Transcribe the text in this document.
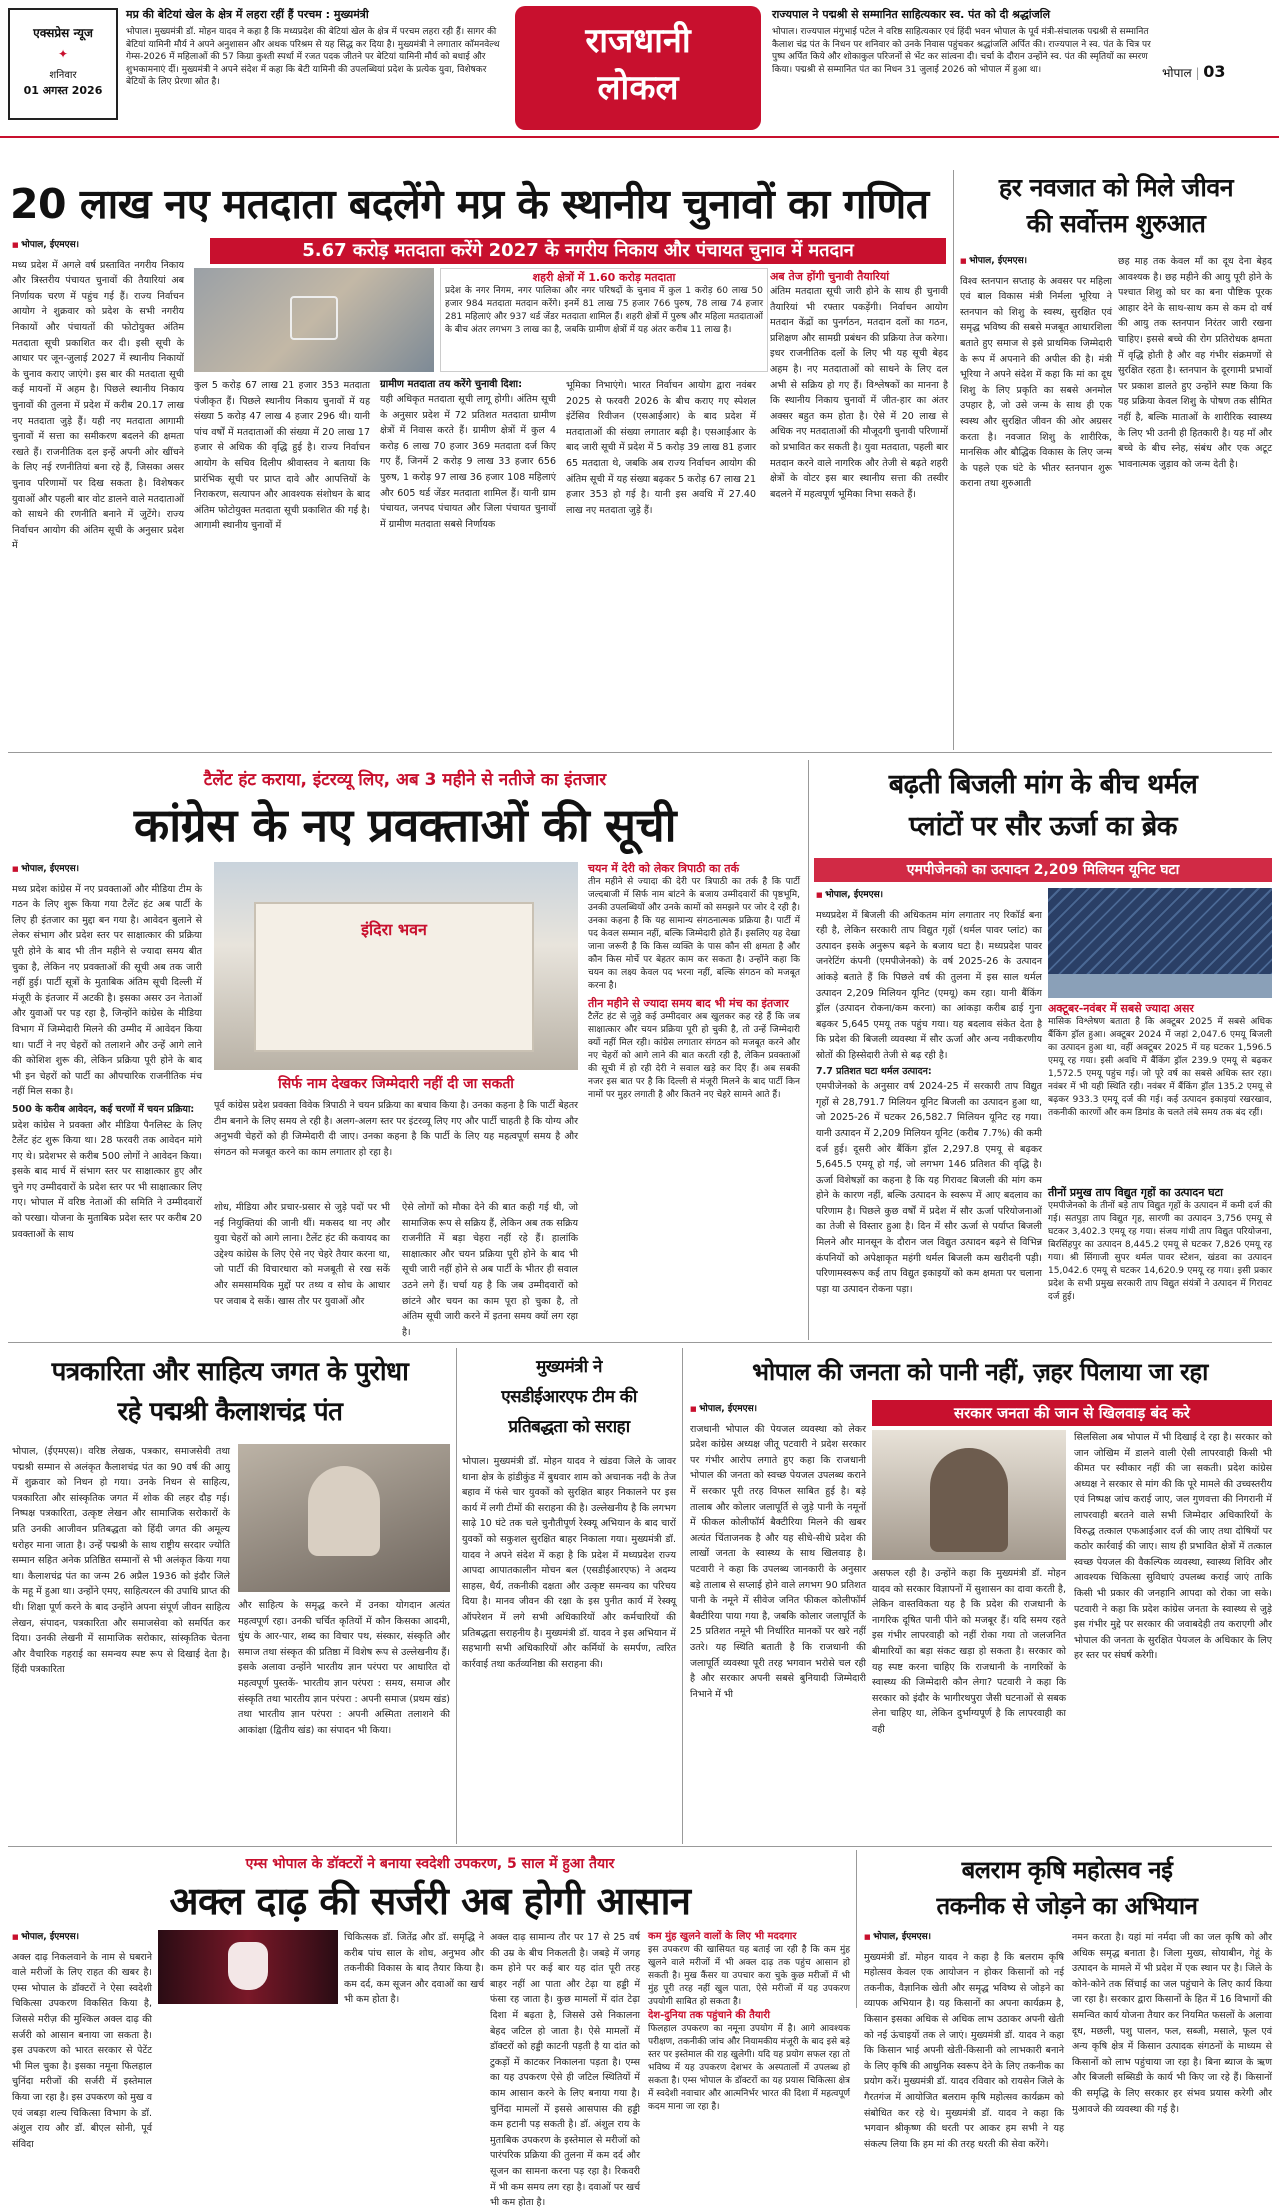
एक्सप्रेस न्यूज
✦
शनिवार
01 अगस्त 2026
मप्र की बेटियां खेल के क्षेत्र में लहरा रहीं हैं परचम : मुख्यमंत्री
भोपाल। मुख्यमंत्री डॉ. मोहन यादव ने कहा है कि मध्यप्रदेश की बेटियां खेल के क्षेत्र में परचम लहरा रही हैं। सागर की बेटियां यामिनी मौर्य ने अपने अनुशासन और अथक परिश्रम से यह सिद्ध कर दिया है। मुख्यमंत्री ने लगातार कॉमनवेल्थ गेम्स-2026 में महिलाओं की 57 किग्रा कुश्ती स्पर्धा में रजत पदक जीतने पर बेटियां यामिनी मौर्य को बधाई और शुभकामनाएं दीं। मुख्यमंत्री ने अपने संदेश में कहा कि बेटी यामिनी की उपलब्धियां प्रदेश के प्रत्येक युवा, विशेषकर बेटियों के लिए प्रेरणा स्रोत है।
राजधानी
लोकल
राज्यपाल ने पद्मश्री से सम्मानित साहित्यकार स्व. पंत को दी श्रद्धांजलि
भोपाल। राज्यपाल मंगुभाई पटेल ने वरिष्ठ साहित्यकार एवं हिंदी भवन भोपाल के पूर्व मंत्री-संचालक पद्मश्री से सम्मानित कैलाश चंद्र पंत के निधन पर शनिवार को उनके निवास पहुंचकर श्रद्धांजलि अर्पित की। राज्यपाल ने स्व. पंत के चित्र पर पुष्प अर्पित किये और शोकाकुल परिजनों से भेंट कर सांत्वना दी। चर्चा के दौरान उन्होंने स्व. पंत की स्मृतियों का स्मरण किया। पद्मश्री से सम्मानित पंत का निधन 31 जुलाई 2026 को भोपाल में हुआ था।	भोपाल | 03
20 लाख नए मतदाता बदलेंगे मप्र के स्थानीय चुनावों का गणित
5.67 करोड़ मतदाता करेंगे 2027 के नगरीय निकाय और पंचायत चुनाव में मतदान
■ भोपाल, ईएमएस।
मध्य प्रदेश में अगले वर्ष प्रस्तावित नगरीय निकाय और त्रिस्तरीय पंचायत चुनावों की तैयारियां अब निर्णायक चरण में पहुंच गई हैं। राज्य निर्वाचन आयोग ने शुक्रवार को प्रदेश के सभी नगरीय निकायों और पंचायतों की फोटोयुक्त अंतिम मतदाता सूची प्रकाशित कर दी। इसी सूची के आधार पर जून-जुलाई 2027 में स्थानीय निकायों के चुनाव कराए जाएंगे। इस बार की मतदाता सूची कई मायनों में अहम है। पिछले स्थानीय निकाय चुनावों की तुलना में प्रदेश में करीब 20.17 लाख नए मतदाता जुड़े हैं। यही नए मतदाता आगामी चुनावों में सत्ता का समीकरण बदलने की क्षमता रखते हैं। राजनीतिक दल इन्हें अपनी ओर खींचने के लिए नई रणनीतियां बना रहे हैं, जिसका असर चुनाव परिणामों पर दिख सकता है। विशेषकर युवाओं और पहली बार वोट डालने वाले मतदाताओं को साधने की रणनीति बनाने में जुटेंगे। राज्य निर्वाचन आयोग की अंतिम सूची के अनुसार प्रदेश में
शहरी क्षेत्रों में 1.60 करोड़ मतदाता
प्रदेश के नगर निगम, नगर पालिका और नगर परिषदों के चुनाव में कुल 1 करोड़ 60 लाख 50 हजार 984 मतदाता मतदान करेंगे। इनमें 81 लाख 75 हजार 766 पुरुष, 78 लाख 74 हजार 281 महिलाएं और 937 थर्ड जेंडर मतदाता शामिल हैं। शहरी क्षेत्रों में पुरुष और महिला मतदाताओं के बीच अंतर लगभग 3 लाख का है, जबकि ग्रामीण क्षेत्रों में यह अंतर करीब 11 लाख है।
कुल 5 करोड़ 67 लाख 21 हजार 353 मतदाता पंजीकृत हैं। पिछले स्थानीय निकाय चुनावों में यह संख्या 5 करोड़ 47 लाख 4 हजार 296 थी। यानी पांच वर्षों में मतदाताओं की संख्या में 20 लाख 17 हजार से अधिक की वृद्धि हुई है। राज्य निर्वाचन आयोग के सचिव दिलीप श्रीवास्तव ने बताया कि प्रारंभिक सूची पर प्राप्त दावे और आपत्तियों के निराकरण, सत्यापन और आवश्यक संशोधन के बाद अंतिम फोटोयुक्त मतदाता सूची प्रकाशित की गई है। आगामी स्थानीय चुनावों में
ग्रामीण मतदाता तय करेंगे चुनावी दिशा:
यही अधिकृत मतदाता सूची लागू होगी। अंतिम सूची के अनुसार प्रदेश में 72 प्रतिशत मतदाता ग्रामीण क्षेत्रों में निवास करते हैं। ग्रामीण क्षेत्रों में कुल 4 करोड़ 6 लाख 70 हजार 369 मतदाता दर्ज किए गए हैं, जिनमें 2 करोड़ 9 लाख 33 हजार 656 पुरुष, 1 करोड़ 97 लाख 36 हजार 108 महिलाएं और 605 थर्ड जेंडर मतदाता शामिल हैं। यानी ग्राम पंचायत, जनपद पंचायत और जिला पंचायत चुनावों में ग्रामीण मतदाता सबसे निर्णायक
भूमिका निभाएंगे। भारत निर्वाचन आयोग द्वारा नवंबर 2025 से फरवरी 2026 के बीच कराए गए स्पेशल इंटेंसिव रिवीजन (एसआईआर) के बाद प्रदेश में मतदाताओं की संख्या लगातार बढ़ी है। एसआईआर के बाद जारी सूची में प्रदेश में 5 करोड़ 39 लाख 81 हजार 65 मतदाता थे, जबकि अब राज्य निर्वाचन आयोग की अंतिम सूची में यह संख्या बढ़कर 5 करोड़ 67 लाख 21 हजार 353 हो गई है। यानी इस अवधि में 27.40 लाख नए मतदाता जुड़े हैं।
अब तेज होंगी चुनावी तैयारियां
अंतिम मतदाता सूची जारी होने के साथ ही चुनावी तैयारियां भी रफ्तार पकड़ेंगी। निर्वाचन आयोग मतदान केंद्रों का पुनर्गठन, मतदान दलों का गठन, प्रशिक्षण और सामग्री प्रबंधन की प्रक्रिया तेज करेगा। इधर राजनीतिक दलों के लिए भी यह सूची बेहद अहम है। नए मतदाताओं को साधने के लिए दल अभी से सक्रिय हो गए हैं। विश्लेषकों का मानना है कि स्थानीय निकाय चुनावों में जीत-हार का अंतर अक्सर बहुत कम होता है। ऐसे में 20 लाख से अधिक नए मतदाताओं की मौजूदगी चुनावी परिणामों को प्रभावित कर सकती है। युवा मतदाता, पहली बार मतदान करने वाले नागरिक और तेजी से बढ़ते शहरी क्षेत्रों के वोटर इस बार स्थानीय सत्ता की तस्वीर बदलने में महत्वपूर्ण भूमिका निभा सकते हैं।
हर नवजात को मिले जीवन
की सर्वोत्तम शुरुआत
■ भोपाल, ईएमएस।
विश्व स्तनपान सप्ताह के अवसर पर महिला एवं बाल विकास मंत्री निर्मला भूरिया ने स्तनपान को शिशु के स्वस्थ, सुरक्षित एवं समृद्ध भविष्य की सबसे मजबूत आधारशिला बताते हुए समाज से इसे प्राथमिक जिम्मेदारी के रूप में अपनाने की अपील की है। मंत्री भूरिया ने अपने संदेश में कहा कि मां का दूध शिशु के लिए प्रकृति का सबसे अनमोल उपहार है, जो उसे जन्म के साथ ही एक स्वस्थ और सुरक्षित जीवन की ओर अग्रसर करता है। नवजात शिशु के शारीरिक, मानसिक और बौद्धिक विकास के लिए जन्म के पहले एक घंटे के भीतर स्तनपान शुरू कराना तथा शुरुआती
छह माह तक केवल माँ का दूध देना बेहद आवश्यक है। छह महीने की आयु पूरी होने के पश्चात शिशु को घर का बना पौष्टिक पूरक आहार देने के साथ-साथ कम से कम दो वर्ष की आयु तक स्तनपान निरंतर जारी रखना चाहिए। इससे बच्चे की रोग प्रतिरोधक क्षमता में वृद्धि होती है और वह गंभीर संक्रमणों से सुरक्षित रहता है। स्तनपान के दूरगामी प्रभावों पर प्रकाश डालते हुए उन्होंने स्पष्ट किया कि यह प्रक्रिया केवल शिशु के पोषण तक सीमित नहीं है, बल्कि माताओं के शारीरिक स्वास्थ्य के लिए भी उतनी ही हितकारी है। यह माँ और बच्चे के बीच स्नेह, संबंध और एक अटूट भावनात्मक जुड़ाव को जन्म देती है।
टैलेंट हंट कराया, इंटरव्यू लिए, अब 3 महीने से नतीजे का इंतजार
कांग्रेस के नए प्रवक्ताओं की सूची
■ भोपाल, ईएमएस।
मध्य प्रदेश कांग्रेस में नए प्रवक्ताओं और मीडिया टीम के गठन के लिए शुरू किया गया टैलेंट हंट अब पार्टी के लिए ही इंतजार का मुद्दा बन गया है। आवेदन बुलाने से लेकर संभाग और प्रदेश स्तर पर साक्षात्कार की प्रक्रिया पूरी होने के बाद भी तीन महीने से ज्यादा समय बीत चुका है, लेकिन नए प्रवक्ताओं की सूची अब तक जारी नहीं हुई। पार्टी सूत्रों के मुताबिक अंतिम सूची दिल्ली में मंजूरी के इंतजार में अटकी है। इसका असर उन नेताओं और युवाओं पर पड़ रहा है, जिन्होंने कांग्रेस के मीडिया विभाग में जिम्मेदारी मिलने की उम्मीद में आवेदन किया था। पार्टी ने नए चेहरों को तलाशने और उन्हें आगे लाने की कोशिश शुरू की, लेकिन प्रक्रिया पूरी होने के बाद भी इन चेहरों को पार्टी का औपचारिक राजनीतिक मंच नहीं मिल सका है।
500 के करीब आवेदन, कई चरणों में चयन प्रक्रिया:
प्रदेश कांग्रेस ने प्रवक्ता और मीडिया पैनलिस्ट के लिए टैलेंट हंट शुरू किया था। 28 फरवरी तक आवेदन मांगे गए थे। प्रदेशभर से करीब 500 लोगों ने आवेदन किया। इसके बाद मार्च में संभाग स्तर पर साक्षात्कार हुए और चुने गए उम्मीदवारों के प्रदेश स्तर पर भी साक्षात्कार लिए गए। भोपाल में वरिष्ठ नेताओं की समिति ने उम्मीदवारों को परखा। योजना के मुताबिक प्रदेश स्तर पर करीब 20 प्रवक्ताओं के साथ
इंदिरा भवन
सिर्फ नाम देखकर जिम्मेदारी नहीं दी जा सकती
पूर्व कांग्रेस प्रदेश प्रवक्ता विवेक त्रिपाठी ने चयन प्रक्रिया का बचाव किया है। उनका कहना है कि पार्टी बेहतर टीम बनाने के लिए समय ले रही है। अलग-अलग स्तर पर इंटरव्यू लिए गए और पार्टी चाहती है कि योग्य और अनुभवी चेहरों को ही जिम्मेदारी दी जाए। उनका कहना है कि पार्टी के लिए यह महत्वपूर्ण समय है और संगठन को मजबूत करने का काम लगातार हो रहा है।
शोध, मीडिया और प्रचार-प्रसार से जुड़े पदों पर भी नई नियुक्तियां की जानी थीं। मकसद था नए और युवा चेहरों को आगे लाना। टैलेंट हंट की कवायद का उद्देश्य कांग्रेस के लिए ऐसे नए चेहरे तैयार करना था, जो पार्टी की विचारधारा को मजबूती से रख सकें और समसामयिक मुद्दों पर तथ्य व सोच के आधार पर जवाब दे सकें। खास तौर पर युवाओं और
ऐसे लोगों को मौका देने की बात कही गई थी, जो सामाजिक रूप से सक्रिय हैं, लेकिन अब तक सक्रिय राजनीति में बड़ा चेहरा नहीं रहे हैं। हालांकि साक्षात्कार और चयन प्रक्रिया पूरी होने के बाद भी सूची जारी नहीं होने से अब पार्टी के भीतर ही सवाल उठने लगे हैं। चर्चा यह है कि जब उम्मीदवारों को छांटने और चयन का काम पूरा हो चुका है, तो अंतिम सूची जारी करने में इतना समय क्यों लग रहा है।
चयन में देरी को लेकर त्रिपाठी का तर्क
तीन महीने से ज्यादा की देरी पर त्रिपाठी का तर्क है कि पार्टी जल्दबाजी में सिर्फ नाम बांटने के बजाय उम्मीदवारों की पृष्ठभूमि, उनकी उपलब्धियों और उनके कामों को समझने पर जोर दे रही है। उनका कहना है कि यह सामान्य संगठनात्मक प्रक्रिया है। पार्टी में पद केवल सम्मान नहीं, बल्कि जिम्मेदारी होते हैं। इसलिए यह देखा जाना जरूरी है कि किस व्यक्ति के पास कौन सी क्षमता है और कौन किस मोर्चे पर बेहतर काम कर सकता है। उन्होंने कहा कि चयन का लक्ष्य केवल पद भरना नहीं, बल्कि संगठन को मजबूत करना है।
तीन महीने से ज्यादा समय बाद भी मंच का इंतजार
टैलेंट हंट से जुड़े कई उम्मीदवार अब खुलकर कह रहे हैं कि जब साक्षात्कार और चयन प्रक्रिया पूरी हो चुकी है, तो उन्हें जिम्मेदारी क्यों नहीं मिल रही। कांग्रेस लगातार संगठन को मजबूत करने और नए चेहरों को आगे लाने की बात करती रही है, लेकिन प्रवक्ताओं की सूची में हो रही देरी ने सवाल खड़े कर दिए हैं। अब सबकी नजर इस बात पर है कि दिल्ली से मंजूरी मिलने के बाद पार्टी किन नामों पर मुहर लगाती है और कितने नए चेहरे सामने आते हैं।
बढ़ती बिजली मांग के बीच थर्मल
प्लांटों पर सौर ऊर्जा का ब्रेक
एमपीजेनको का उत्पादन 2,209 मिलियन यूनिट घटा
■ भोपाल, ईएमएस।
मध्यप्रदेश में बिजली की अधिकतम मांग लगातार नए रिकॉर्ड बना रही है, लेकिन सरकारी ताप विद्युत गृहों (थर्मल पावर प्लांट) का उत्पादन इसके अनुरूप बढ़ने के बजाय घटा है। मध्यप्रदेश पावर जनरेटिंग कंपनी (एमपीजेनको) के वर्ष 2025-26 के उत्पादन आंकड़े बताते हैं कि पिछले वर्ष की तुलना में इस साल थर्मल उत्पादन 2,209 मिलियन यूनिट (एमयू) कम रहा। यानी बैंकिंग ड्रॉल (उत्पादन रोकना/कम करना) का आंकड़ा करीब ढाई गुना बढ़कर 5,645 एमयू तक पहुंच गया। यह बदलाव संकेत देता है कि प्रदेश की बिजली व्यवस्था में सौर ऊर्जा और अन्य नवीकरणीय स्रोतों की हिस्सेदारी तेजी से बढ़ रही है।
7.7 प्रतिशत घटा थर्मल उत्पादन:
एमपीजेनको के अनुसार वर्ष 2024-25 में सरकारी ताप विद्युत गृहों से 28,791.7 मिलियन यूनिट बिजली का उत्पादन हुआ था, जो 2025-26 में घटकर 26,582.7 मिलियन यूनिट रह गया। यानी उत्पादन में 2,209 मिलियन यूनिट (करीब 7.7%) की कमी दर्ज हुई। दूसरी ओर बैंकिंग ड्रॉल 2,297.8 एमयू से बढ़कर 5,645.5 एमयू हो गई, जो लगभग 146 प्रतिशत की वृद्धि है। ऊर्जा विशेषज्ञों का कहना है कि यह गिरावट बिजली की मांग कम होने के कारण नहीं, बल्कि उत्पादन के स्वरूप में आए बदलाव का परिणाम है। पिछले कुछ वर्षों में प्रदेश में सौर ऊर्जा परियोजनाओं का तेजी से विस्तार हुआ है। दिन में सौर ऊर्जा से पर्याप्त बिजली मिलने और मानसून के दौरान जल विद्युत उत्पादन बढ़ने से विभिन्न कंपनियों को अपेक्षाकृत महंगी थर्मल बिजली कम खरीदनी पड़ी। परिणामस्वरूप कई ताप विद्युत इकाइयों को कम क्षमता पर चलाना पड़ा या उत्पादन रोकना पड़ा।
अक्टूबर-नवंबर में सबसे ज्यादा असर
मासिक विश्लेषण बताता है कि अक्टूबर 2025 में सबसे अधिक बैंकिंग ड्रॉल हुआ। अक्टूबर 2024 में जहां 2,047.6 एमयू बिजली का उत्पादन हुआ था, वहीं अक्टूबर 2025 में यह घटकर 1,596.5 एमयू रह गया। इसी अवधि में बैंकिंग ड्रॉल 239.9 एमयू से बढ़कर 1,572.5 एमयू पहुंच गई। जो पूरे वर्ष का सबसे अधिक स्तर रहा। नवंबर में भी यही स्थिति रही। नवंबर में बैंकिंग ड्रॉल 135.2 एमयू से बढ़कर 933.3 एमयू दर्ज की गई। कई उत्पादन इकाइयां रखरखाव, तकनीकी कारणों और कम डिमांड के चलते लंबे समय तक बंद रहीं।
तीनों प्रमुख ताप विद्युत गृहों का उत्पादन घटा
एमपीजेनको के तीनों बड़े ताप विद्युत गृहों के उत्पादन में कमी दर्ज की गई। सतपुड़ा ताप विद्युत गृह, सारणी का उत्पादन 3,756 एमयू से घटकर 3,402.3 एमयू रह गया। संजय गांधी ताप विद्युत परियोजना, बिरसिंहपुर का उत्पादन 8,445.2 एमयू से घटकर 7,826 एमयू रह गया। श्री सिंगाजी सुपर थर्मल पावर स्टेशन, खंडवा का उत्पादन 15,042.6 एमयू से घटकर 14,620.9 एमयू रह गया। इसी प्रकार प्रदेश के सभी प्रमुख सरकारी ताप विद्युत संयंत्रों ने उत्पादन में गिरावट दर्ज हुई।
पत्रकारिता और साहित्य जगत के पुरोधा
रहे पद्मश्री कैलाशचंद्र पंत
भोपाल, (ईएमएस)। वरिष्ठ लेखक, पत्रकार, समाजसेवी तथा पद्मश्री सम्मान से अलंकृत कैलाशचंद्र पंत का 90 वर्ष की आयु में शुक्रवार को निधन हो गया। उनके निधन से साहित्य, पत्रकारिता और सांस्कृतिक जगत में शोक की लहर दौड़ गई। निष्पक्ष पत्रकारिता, उत्कृष्ट लेखन और सामाजिक सरोकारों के प्रति उनकी आजीवन प्रतिबद्धता को हिंदी जगत की अमूल्य धरोहर माना जाता है। उन्हें पद्मश्री के साथ राष्ट्रीय सरदार ज्योति सम्मान सहित अनेक प्रतिष्ठित सम्मानों से भी अलंकृत किया गया था। कैलाशचंद्र पंत का जन्म 26 अप्रैल 1936 को इंदौर जिले के महू में हुआ था। उन्होंने एमए, साहित्यरत्न की उपाधि प्राप्त की थी। शिक्षा पूर्ण करने के बाद उन्होंने अपना संपूर्ण जीवन साहित्य लेखन, संपादन, पत्रकारिता और समाजसेवा को समर्पित कर दिया। उनकी लेखनी में सामाजिक सरोकार, सांस्कृतिक चेतना और वैचारिक गहराई का समन्वय स्पष्ट रूप से दिखाई देता है। हिंदी पत्रकारिता
और साहित्य के समृद्ध करने में उनका योगदान अत्यंत महत्वपूर्ण रहा। उनकी चर्चित कृतियों में कौन किसका आदमी, धुंध के आर-पार, शब्द का विचार पथ, संस्कार, संस्कृति और समाज तथा संस्कृत की प्रतिष्ठा में विशेष रूप से उल्लेखनीय हैं। इसके अलावा उन्होंने भारतीय ज्ञान परंपरा पर आधारित दो महत्वपूर्ण पुस्तकें- भारतीय ज्ञान परंपरा : समय, समाज और संस्कृति तथा भारतीय ज्ञान परंपरा : अपनी समाज (प्रथम खंड) तथा भारतीय ज्ञान परंपरा : अपनी अस्मिता तलाशने की आकांक्षा (द्वितीय खंड) का संपादन भी किया।
मुख्यमंत्री ने
एसडीईआरएफ टीम की
प्रतिबद्धता को सराहा
भोपाल। मुख्यमंत्री डॉ. मोहन यादव ने खंडवा जिले के जावर थाना क्षेत्र के हांडीकुंड में बुधवार शाम को अचानक नदी के तेज बहाव में फंसे चार युवकों को सुरक्षित बाहर निकालने पर इस कार्य में लगी टीमों की सराहना की है। उल्लेखनीय है कि लगभग साढ़े 10 घंटे तक चले चुनौतीपूर्ण रेस्क्यू अभियान के बाद चारों युवकों को सकुशल सुरक्षित बाहर निकाला गया। मुख्यमंत्री डॉ. यादव ने अपने संदेश में कहा है कि प्रदेश में मध्यप्रदेश राज्य आपदा आपातकालीन मोचन बल (एसडीईआरएफ) ने अदम्य साहस, धैर्य, तकनीकी दक्षता और उत्कृष्ट समन्वय का परिचय दिया है। मानव जीवन की रक्षा के इस पुनीत कार्य में रेस्क्यू ऑपरेशन में लगे सभी अधिकारियों और कर्मचारियों की प्रतिबद्धता सराहनीय है। मुख्यमंत्री डॉ. यादव ने इस अभियान में सहभागी सभी अधिकारियों और कर्मियों के समर्पण, त्वरित कार्रवाई तथा कर्तव्यनिष्ठा की सराहना की।
भोपाल की जनता को पानी नहीं, ज़हर पिलाया जा रहा
■ भोपाल, ईएमएस।
राजधानी भोपाल की पेयजल व्यवस्था को लेकर प्रदेश कांग्रेस अध्यक्ष जीतू पटवारी ने प्रदेश सरकार पर गंभीर आरोप लगाते हुए कहा कि राजधानी भोपाल की जनता को स्वच्छ पेयजल उपलब्ध कराने में सरकार पूरी तरह विफल साबित हुई है। बड़े तालाब और कोलार जलापूर्ति से जुड़े पानी के नमूनों में फीकल कोलीफॉर्म बैक्टीरिया मिलने की खबर अत्यंत चिंताजनक है और यह सीधे-सीधे प्रदेश की लाखों जनता के स्वास्थ्य के साथ खिलवाड़ है। पटवारी ने कहा कि उपलब्ध जानकारी के अनुसार बड़े तालाब से सप्लाई होने वाले लगभग 90 प्रतिशत पानी के नमूने में सीवेज जनित फीकल कोलीफॉर्म बैक्टीरिया पाया गया है, जबकि कोलार जलापूर्ति के 25 प्रतिशत नमूने भी निर्धारित मानकों पर खरे नहीं उतरे। यह स्थिति बताती है कि राजधानी की जलापूर्ति व्यवस्था पूरी तरह भगवान भरोसे चल रही है और सरकार अपनी सबसे बुनियादी जिम्मेदारी निभाने में भी
सरकार जनता की जान से खिलवाड़ बंद करे
असफल रही है। उन्होंने कहा कि मुख्यमंत्री डॉ. मोहन यादव को सरकार विज्ञापनों में सुशासन का दावा करती है, लेकिन वास्तविकता यह है कि प्रदेश की राजधानी के नागरिक दूषित पानी पीने को मजबूर हैं। यदि समय रहते इस गंभीर लापरवाही को नहीं रोका गया तो जलजनित बीमारियों का बड़ा संकट खड़ा हो सकता है। सरकार को यह स्पष्ट करना चाहिए कि राजधानी के नागरिकों के स्वास्थ्य की जिम्मेदारी कौन लेगा? पटवारी ने कहा कि सरकार को इंदौर के भागीरथपुरा जैसी घटनाओं से सबक लेना चाहिए था, लेकिन दुर्भाग्यपूर्ण है कि लापरवाही का वही
सिलसिला अब भोपाल में भी दिखाई दे रहा है। सरकार को जान जोखिम में डालने वाली ऐसी लापरवाही किसी भी कीमत पर स्वीकार नहीं की जा सकती। प्रदेश कांग्रेस अध्यक्ष ने सरकार से मांग की कि पूरे मामले की उच्चस्तरीय एवं निष्पक्ष जांच कराई जाए, जल गुणवत्ता की निगरानी में लापरवाही बरतने वाले सभी जिम्मेदार अधिकारियों के विरुद्ध तत्काल एफआईआर दर्ज की जाए तथा दोषियों पर कठोर कार्रवाई की जाए। साथ ही प्रभावित क्षेत्रों में तत्काल स्वच्छ पेयजल की वैकल्पिक व्यवस्था, स्वास्थ्य शिविर और आवश्यक चिकित्सा सुविधाएं उपलब्ध कराई जाएं ताकि किसी भी प्रकार की जनहानि आपदा को रोका जा सके। पटवारी ने कहा कि प्रदेश कांग्रेस जनता के स्वास्थ्य से जुड़े इस गंभीर मुद्दे पर सरकार की जवाबदेही तय कराएगी और भोपाल की जनता के सुरक्षित पेयजल के अधिकार के लिए हर स्तर पर संघर्ष करेगी।
एम्स भोपाल के डॉक्टरों ने बनाया स्वदेशी उपकरण, 5 साल में हुआ तैयार
अक्ल दाढ़ की सर्जरी अब होगी आसान
■ भोपाल, ईएमएस।
अक्ल दाढ़ निकलवाने के नाम से घबराने वाले मरीजों के लिए राहत की खबर है। एम्स भोपाल के डॉक्टरों ने ऐसा स्वदेशी चिकित्सा उपकरण विकसित किया है, जिससे मरीज़ की मुश्किल अक्ल दाढ़ की सर्जरी को आसान बनाया जा सकता है। इस उपकरण को भारत सरकार से पेटेंट भी मिल चुका है। इसका नमूना फिलहाल चुनिंदा मरीजों की सर्जरी में इस्तेमाल किया जा रहा है। इस उपकरण को मुख व एवं जबड़ा शल्य चिकित्सा विभाग के डॉ. अंशुल राय और डॉ. बीएल सोनी, पूर्व संविदा
चिकित्सक डॉ. जितेंद्र और डॉ. समृद्धि ने करीब पांच साल के शोध, अनुभव और तकनीकी विकास के बाद तैयार किया है। कम दर्द, कम सूजन और दवाओं का खर्च भी कम होता है।
अक्ल दाढ़ सामान्य तौर पर 17 से 25 वर्ष की उम्र के बीच निकलती है। जबड़े में जगह कम होने पर कई बार यह दांत पूरी तरह बाहर नहीं आ पाता और टेढ़ा या हड्डी में फंसा रह जाता है। कुछ मामलों में दांत टेढ़ा दिशा में बढ़ता है, जिससे उसे निकालना बेहद जटिल हो जाता है। ऐसे मामलों में डॉक्टरों को हड्डी काटनी पड़ती है या दांत को टुकड़ों में काटकर निकालना पड़ता है। एम्स का यह उपकरण ऐसे ही जटिल स्थितियों में काम आसान करने के लिए बनाया गया है। चुनिंदा मामलों में इससे आसपास की हड्डी कम हटानी पड़ सकती है। डॉ. अंशुल राय के मुताबिक उपकरण के इस्तेमाल से मरीजों को पारंपरिक प्रक्रिया की तुलना में कम दर्द और सूजन का सामना करना पड़ रहा है। रिकवरी में भी कम समय लग रहा है। दवाओं पर खर्च भी कम होता है।
कम मुंह खुलने वालों के लिए भी मददगार
इस उपकरण की खासियत यह बताई जा रही है कि कम मुंह खुलने वाले मरीजों में भी अक्ल दाढ़ तक पहुंच आसान हो सकती है। मुख कैंसर या उपचार करा चुके कुछ मरीजों में भी मुंह पूरी तरह नहीं खुल पाता, ऐसे मरीजों में यह उपकरण उपयोगी साबित हो सकता है।
देश-दुनिया तक पहुंचाने की तैयारी
फिलहाल उपकरण का नमूना उपयोग में है। आगे आवश्यक परीक्षण, तकनीकी जांच और नियामकीय मंजूरी के बाद इसे बड़े स्तर पर इस्तेमाल की राह खुलेगी। यदि यह प्रयोग सफल रहा तो भविष्य में यह उपकरण देशभर के अस्पतालों में उपलब्ध हो सकता है। एम्स भोपाल के डॉक्टरों का यह प्रयास चिकित्सा क्षेत्र में स्वदेशी नवाचार और आत्मनिर्भर भारत की दिशा में महत्वपूर्ण कदम माना जा रहा है।
बलराम कृषि महोत्सव नई
तकनीक से जोड़ने का अभियान
■ भोपाल, ईएमएस।
मुख्यमंत्री डॉ. मोहन यादव ने कहा है कि बलराम कृषि महोत्सव केवल एक आयोजन न होकर किसानों को नई तकनीक, वैज्ञानिक खेती और समृद्ध भविष्य से जोड़ने का व्यापक अभियान है। यह किसानों का अपना कार्यक्रम है, किसान इसका अधिक से अधिक लाभ उठाकर अपनी खेती को नई ऊंचाइयों तक ले जाएं। मुख्यमंत्री डॉ. यादव ने कहा कि किसान भाई अपनी खेती-किसानी को लाभकारी बनाने के लिए कृषि की आधुनिक स्वरूप देने के लिए तकनीक का प्रयोग करें। मुख्यमंत्री डॉ. यादव रविवार को रायसेन जिले के गैरतगंज में आयोजित बलराम कृषि महोत्सव कार्यक्रम को संबोधित कर रहे थे। मुख्यमंत्री डॉ. यादव ने कहा कि भगवान श्रीकृष्ण की धरती पर आकर हम सभी ने यह संकल्प लिया कि हम मां की तरह धरती की सेवा करेंगे।
नमन करता है। यहां मां नर्मदा जी का जल कृषि को और अधिक समृद्ध बनाता है। जिला मुख्य, सोयाबीन, गेहूं के उत्पादन के मामले में भी प्रदेश में एक स्थान पर है। जिले के कोने-कोने तक सिंचाई का जल पहुंचाने के लिए कार्य किया जा रहा है। सरकार द्वारा किसानों के हित में 16 विभागों की समन्वित कार्य योजना तैयार कर नियमित फसलों के अलावा दूध, मछली, पशु पालन, फल, सब्जी, मसाले, फूल एवं अन्य कृषि क्षेत्र में किसान उत्पादक संगठनों के माध्यम से किसानों को लाभ पहुंचाया जा रहा है। बिना ब्याज के ऋण और बिजली सब्सिडी के कार्य भी किए जा रहे हैं। किसानों की समृद्धि के लिए सरकार हर संभव प्रयास करेगी और मुआवजे की व्यवस्था की गई है।
